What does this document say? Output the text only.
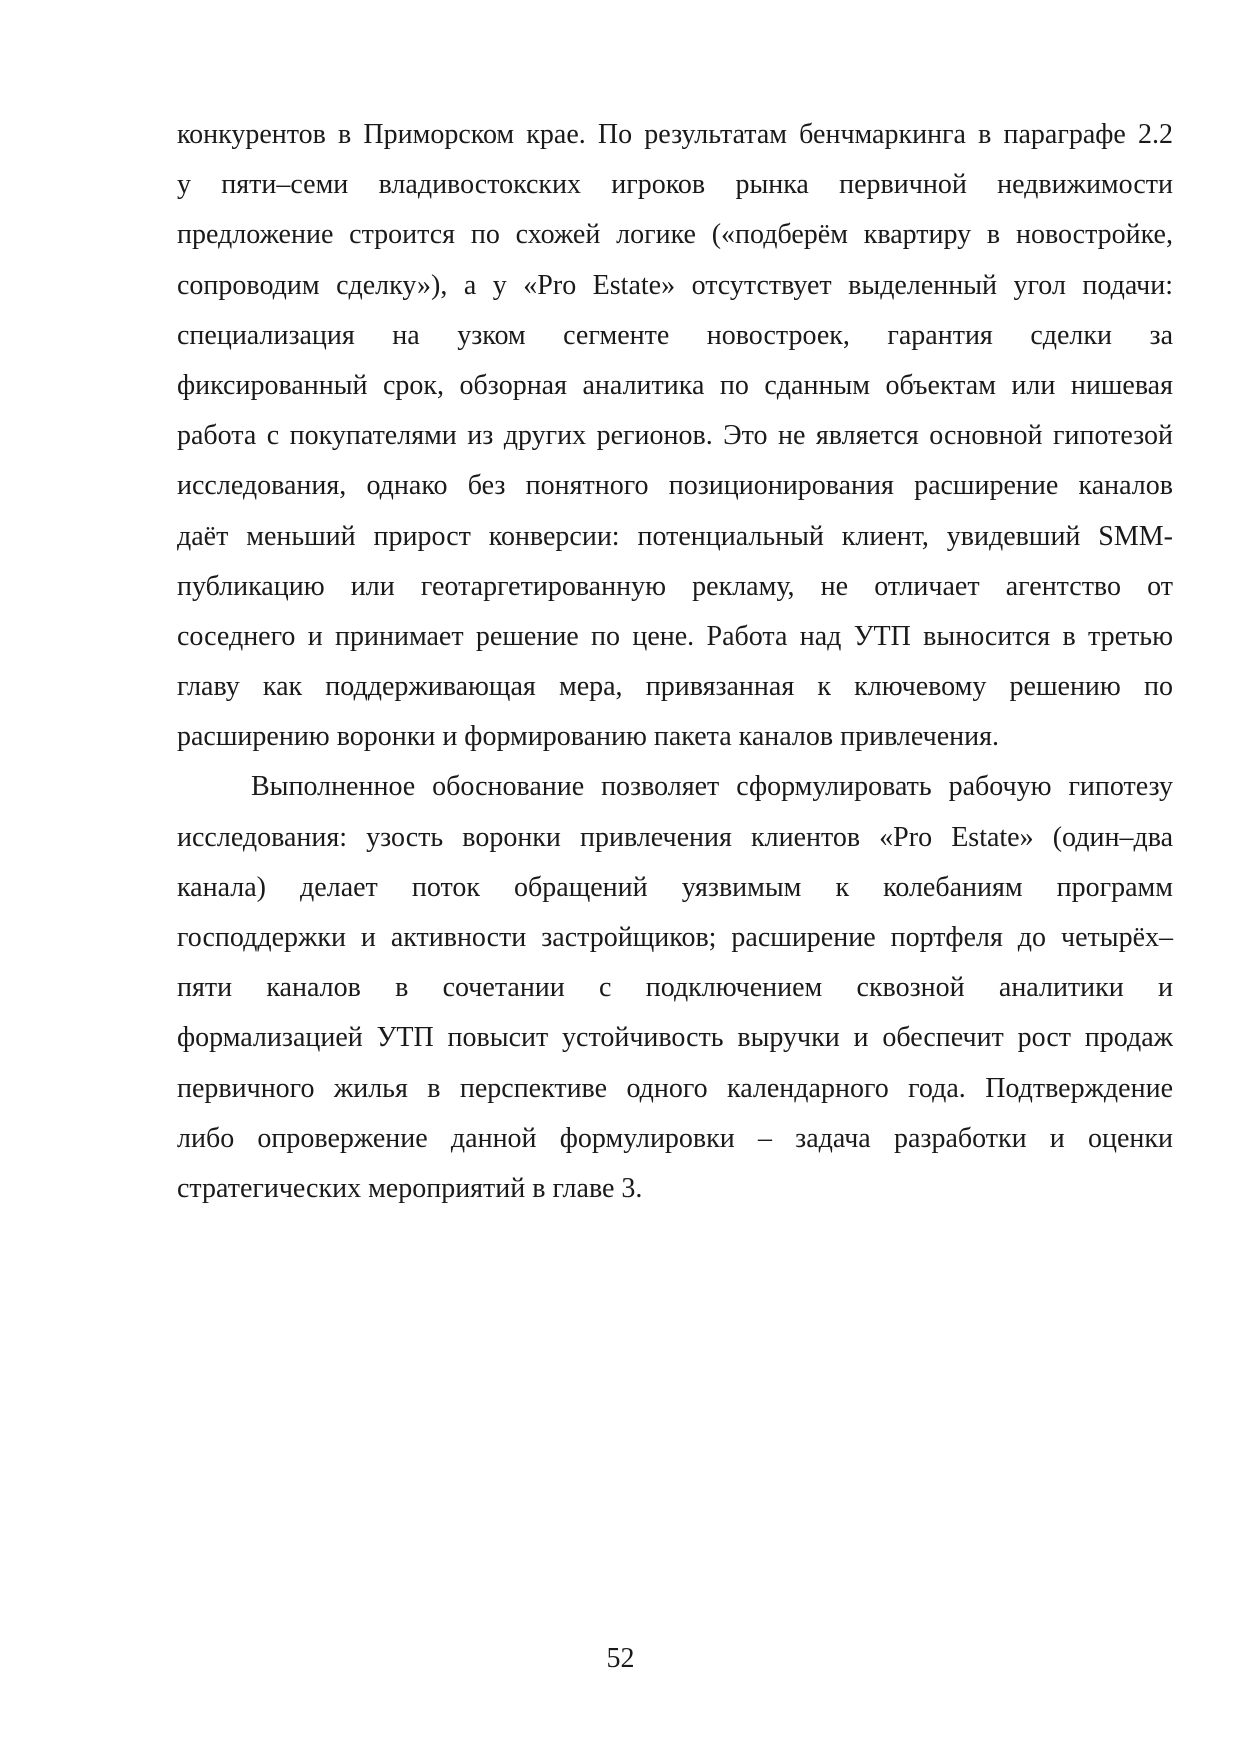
конкурентов в Приморском крае. По результатам бенчмаркинга в параграфе 2.2
у пяти–семи владивостокских игроков рынка первичной недвижимости
предложение строится по схожей логике («подберём квартиру в новостройке,
сопроводим сделку»), а у «Pro Estate» отсутствует выделенный угол подачи:
специализация на узком сегменте новостроек, гарантия сделки за
фиксированный срок, обзорная аналитика по сданным объектам или нишевая
работа с покупателями из других регионов. Это не является основной гипотезой
исследования, однако без понятного позиционирования расширение каналов
даёт меньший прирост конверсии: потенциальный клиент, увидевший SMM-
публикацию или геотаргетированную рекламу, не отличает агентство от
соседнего и принимает решение по цене. Работа над УТП выносится в третью
главу как поддерживающая мера, привязанная к ключевому решению по
расширению воронки и формированию пакета каналов привлечения.
Выполненное обоснование позволяет сформулировать рабочую гипотезу
исследования: узость воронки привлечения клиентов «Pro Estate» (один–два
канала) делает поток обращений уязвимым к колебаниям программ
господдержки и активности застройщиков; расширение портфеля до четырёх–
пяти каналов в сочетании с подключением сквозной аналитики и
формализацией УТП повысит устойчивость выручки и обеспечит рост продаж
первичного жилья в перспективе одного календарного года. Подтверждение
либо опровержение данной формулировки – задача разработки и оценки
стратегических мероприятий в главе 3.
52
